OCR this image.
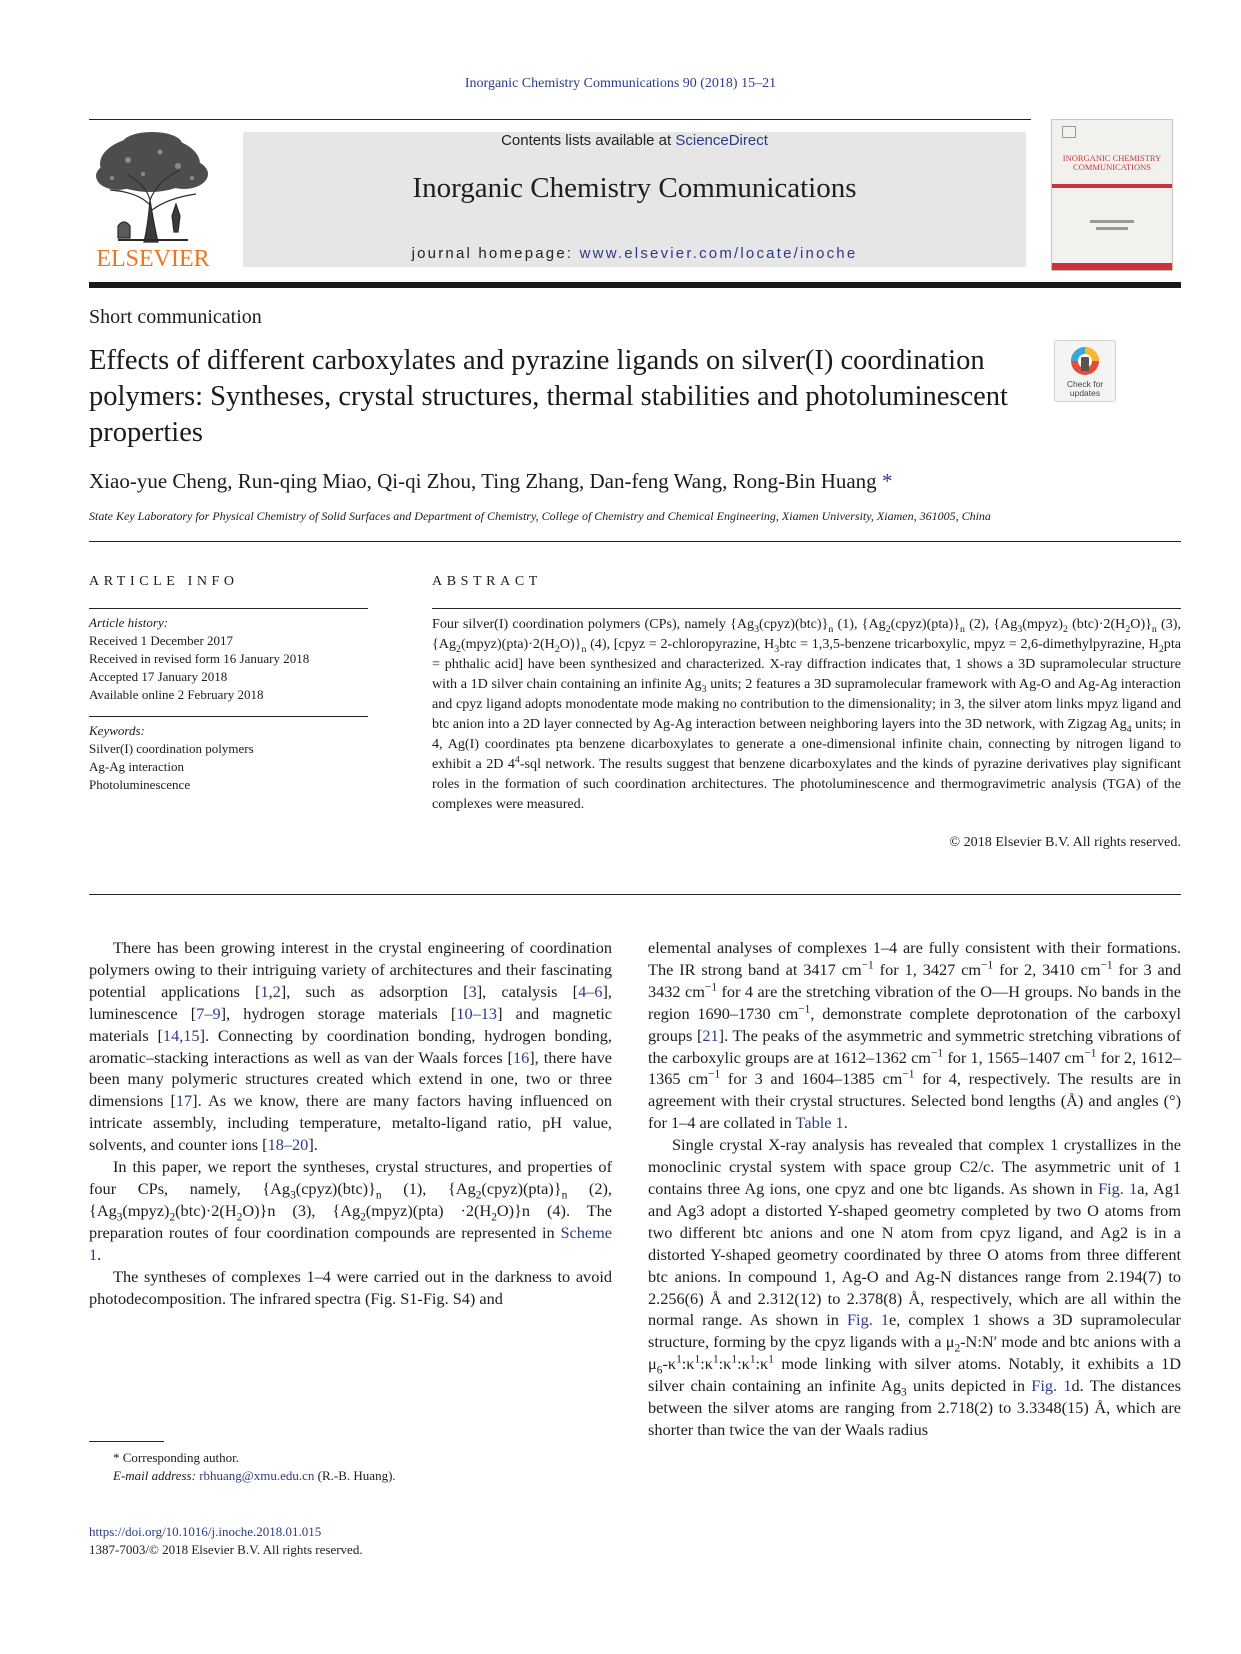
Inorganic Chemistry Communications 90 (2018) 15–21
ELSEVIER
Contents lists available at ScienceDirect
Inorganic Chemistry Communications
journal homepage: www.elsevier.com/locate/inoche
INORGANIC CHEMISTRY COMMUNICATIONS
Short communication
Effects of different carboxylates and pyrazine ligands on silver(I) coordination polymers: Syntheses, crystal structures, thermal stabilities and photoluminescent properties
Check for updates
Xiao-yue Cheng, Run-qing Miao, Qi-qi Zhou, Ting Zhang, Dan-feng Wang, Rong-Bin Huang *
State Key Laboratory for Physical Chemistry of Solid Surfaces and Department of Chemistry, College of Chemistry and Chemical Engineering, Xiamen University, Xiamen, 361005, China
ARTICLE INFO
Article history:
Received 1 December 2017
Received in revised form 16 January 2018
Accepted 17 January 2018
Available online 2 February 2018
Keywords:
Silver(I) coordination polymers
Ag-Ag interaction
Photoluminescence
ABSTRACT
Four silver(I) coordination polymers (CPs), namely $\{Ag_3(cpyz)(btc)\}_n$ (1), $\{Ag_2(cpyz)(pta)\}_n$ (2), {$Ag_3(mpyz)_2$ $(btc)\cdot 2(H_2O)\}_n$ (3), $\{Ag_2(mpyz)(pta)\cdot 2(H_2O)\}_n$ (4), [cpyz = 2-chloropyrazine, $H_3btc$ = 1,3,5-benzene tricarboxylic, mpyz = 2,6-dimethylpyrazine, $H_2pta$ = phthalic acid] have been synthesized and characterized. X-ray diffraction indicates that, 1 shows a 3D supramolecular structure with a 1D silver chain containing an infinite $Ag_3$ units; 2 features a 3D supramolecular framework with Ag-O and Ag-Ag interaction and cpyz ligand adopts monodentate mode making no contribution to the dimensionality; in 3, the silver atom links mpyz ligand and btc anion into a 2D layer connected by Ag-Ag interaction between neighboring layers into the 3D network, with Zigzag $Ag_4$ units; in 4, Ag(I) coordinates pta benzene dicarboxylates to generate a one-dimensional infinite chain, connecting by nitrogen ligand to exhibit a 2D $4^4$-sql network. The results suggest that benzene dicarboxylates and the kinds of pyrazine derivatives play significant roles in the formation of such coordination architectures. The photoluminescence and thermogravimetric analysis (TGA) of the complexes were measured.
© 2018 Elsevier B.V. All rights reserved.

There has been growing interest in the crystal engineering of coordination polymers owing to their intriguing variety of architectures and their fascinating potential applications [1,2], such as adsorption [3], catalysis [4–6], luminescence [7–9], hydrogen storage materials [10–13] and magnetic materials [14,15]. Connecting by coordination bonding, hydrogen bonding, aromatic–stacking interactions as well as van der Waals forces [16], there have been many polymeric structures created which extend in one, two or three dimensions [17]. As we know, there are many factors having influenced on intricate assembly, including temperature, metalto-ligand ratio, pH value, solvents, and counter ions [18–20].

In this paper, we report the syntheses, crystal structures, and properties of four CPs, namely, $\{Ag_3(cpyz)(btc)\}_n$ (1), $\{Ag_2(cpyz)(pta)\}_n$ (2), $\{Ag_3(mpyz)_2(btc)\cdot 2(H_2O)\}n$ (3), $\{Ag_2(mpyz)(pta) \cdot 2(H_2O)\}n$ (4). The preparation routes of four coordination compounds are represented in Scheme 1.

The syntheses of complexes 1–4 were carried out in the darkness to avoid photodecomposition. The infrared spectra (Fig. S1-Fig. S4) and

elemental analyses of complexes 1–4 are fully consistent with their formations. The IR strong band at 3417 $cm^{-1}$ for 1, 3427 $cm^{-1}$ for 2, 3410 $cm^{-1}$ for 3 and 3432 $cm^{-1}$ for 4 are the stretching vibration of the O—H groups. No bands in the region 1690–1730 $cm^{-1}$, demonstrate complete deprotonation of the carboxyl groups [21]. The peaks of the asymmetric and symmetric stretching vibrations of the carboxylic groups are at 1612–1362 $cm^{-1}$ for 1, 1565–1407 $cm^{-1}$ for 2, 1612–1365 $cm^{-1}$ for 3 and 1604–1385 $cm^{-1}$ for 4, respectively. The results are in agreement with their crystal structures. Selected bond lengths (Å) and angles (°) for 1–4 are collated in Table 1.

Single crystal X-ray analysis has revealed that complex 1 crystallizes in the monoclinic crystal system with space group C2/c. The asymmetric unit of 1 contains three Ag ions, one cpyz and one btc ligands. As shown in Fig. 1a, Ag1 and Ag3 adopt a distorted Y-shaped geometry completed by two O atoms from two different btc anions and one N atom from cpyz ligand, and Ag2 is in a distorted Y-shaped geometry coordinated by three O atoms from three different btc anions. In compound 1, Ag-O and Ag-N distances range from 2.194(7) to 2.256(6) Å and 2.312(12) to 2.378(8) Å, respectively, which are all within the normal range. As shown in Fig. 1e, complex 1 shows a 3D supramolecular structure, forming by the cpyz ligands with a $\mu_2-N:N'$ mode and btc anions with a $\mu_6-\kappa^1:\kappa^1:\kappa^1:\kappa^1:\kappa^1:\kappa^1$ mode linking with silver atoms. Notably, it exhibits a 1D silver chain containing an infinite $Ag_3$ units depicted in Fig. 1d. The distances between the silver atoms are ranging from 2.718(2) to 3.3348(15) Å, which are shorter than twice the van der Waals radius

* Corresponding author.
E-mail address: rbhuang@xmu.edu.cn (R.-B. Huang).
https://doi.org/10.1016/j.inoche.2018.01.015
1387-7003/© 2018 Elsevier B.V. All rights reserved.
